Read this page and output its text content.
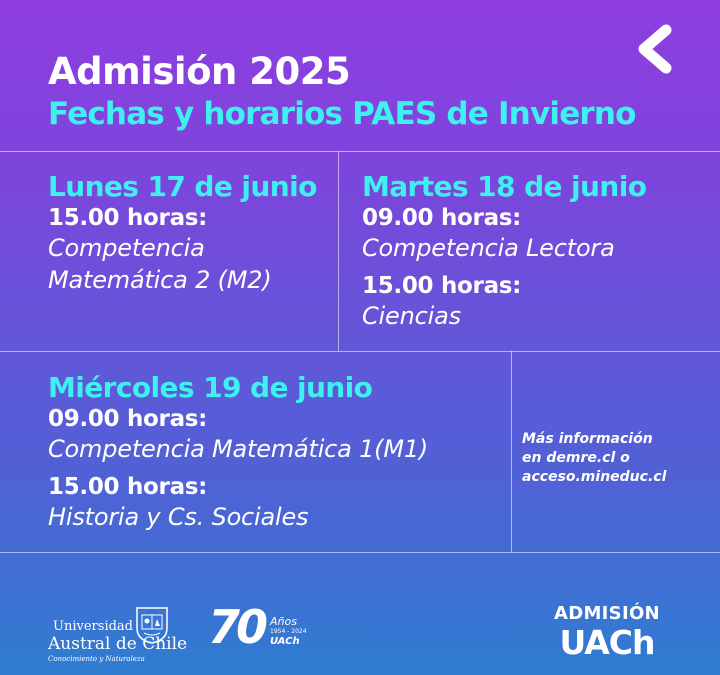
Admisión 2025
Fechas y horarios PAES de Invierno
Lunes 17 de junio
15.00 horas:
Competencia
Matemática 2 (M2)
Martes 18 de junio
09.00 horas:
Competencia Lectora
15.00 horas:
Ciencias
Miércoles 19 de junio
09.00 horas:
Competencia Matemática 1(M1)
15.00 horas:
Historia y Cs. Sociales
Más información
en demre.cl o
acceso.mineduc.cl
Universidad
Austral de Chile
Conocimiento y Naturaleza
70 Años
1954 - 2024
UACh
ADMISIÓN
UACh
